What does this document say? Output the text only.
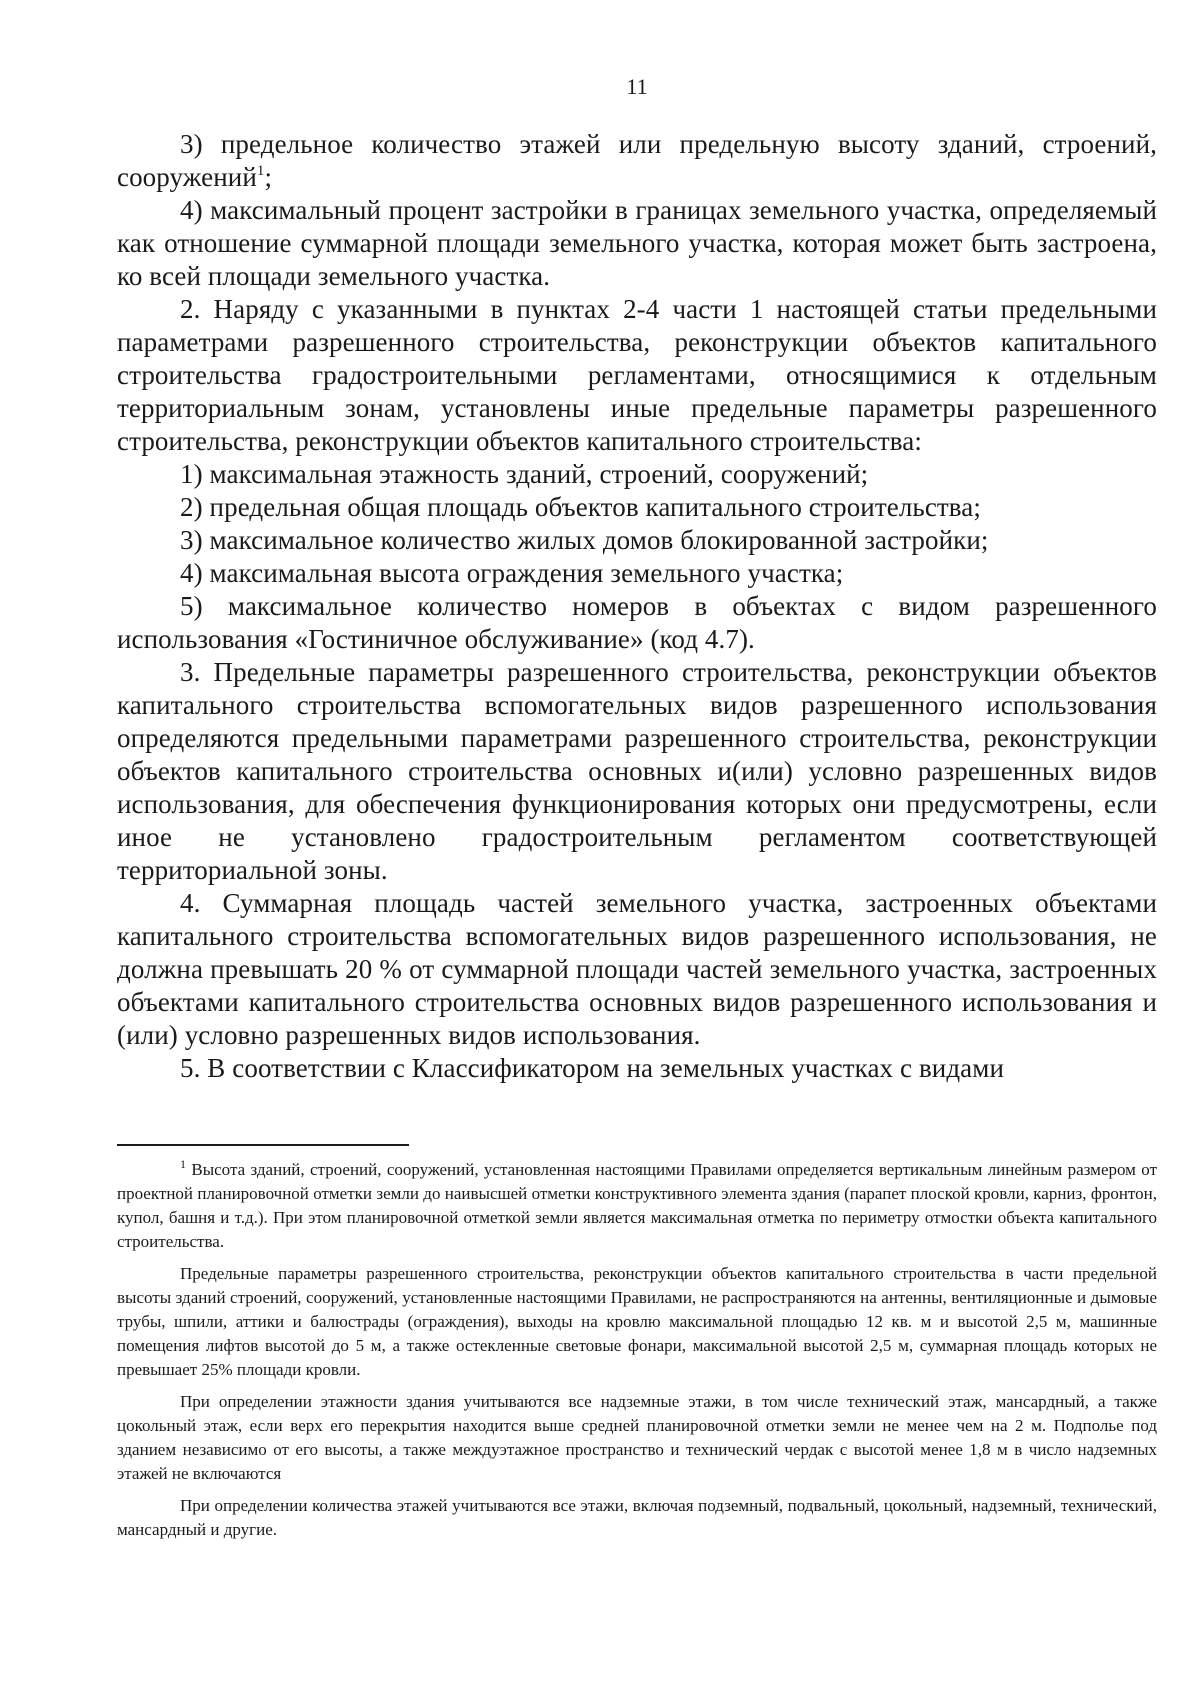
11

3) предельное количество этажей или предельную высоту зданий, строений, сооружений$^1$;

4) максимальный процент застройки в границах земельного участка, определяемый как отношение суммарной площади земельного участка, которая может быть застроена, ко всей площади земельного участка.

2. Наряду с указанными в пунктах 2-4 части 1 настоящей статьи предельными параметрами разрешенного строительства, реконструкции объектов капитального строительства градостроительными регламентами, относящимися к отдельным территориальным зонам, установлены иные предельные параметры разрешенного строительства, реконструкции объектов капитального строительства:

1) максимальная этажность зданий, строений, сооружений;

2) предельная общая площадь объектов капитального строительства;

3) максимальное количество жилых домов блокированной застройки;

4) максимальная высота ограждения земельного участка;

5) максимальное количество номеров в объектах с видом разрешенного использования «Гостиничное обслуживание» (код 4.7).

3. Предельные параметры разрешенного строительства, реконструкции объектов капитального строительства вспомогательных видов разрешенного использования определяются предельными параметрами разрешенного строительства, реконструкции объектов капитального строительства основных и(или) условно разрешенных видов использования, для обеспечения функционирования которых они предусмотрены, если иное не установлено градостроительным регламентом соответствующей территориальной зоны.

4. Суммарная площадь частей земельного участка, застроенных объектами капитального строительства вспомогательных видов разрешенного использования, не должна превышать 20 % от суммарной площади частей земельного участка, застроенных объектами капитального строительства основных видов разрешенного использования и (или) условно разрешенных видов использования.

5. В соответствии с Классификатором на земельных участках с видами

$^1$ Высота зданий, строений, сооружений, установленная настоящими Правилами определяется вертикальным линейным размером от проектной планировочной отметки земли до наивысшей отметки конструктивного элемента здания (парапет плоской кровли, карниз, фронтон, купол, башня и т.д.). При этом планировочной отметкой земли является максимальная отметка по периметру отмостки объекта капитального строительства.

Предельные параметры разрешенного строительства, реконструкции объектов капитального строительства в части предельной высоты зданий строений, сооружений, установленные настоящими Правилами, не распространяются на антенны, вентиляционные и дымовые трубы, шпили, аттики и балюстрады (ограждения), выходы на кровлю максимальной площадью 12 кв. м и высотой 2,5 м, машинные помещения лифтов высотой до 5 м, а также остекленные световые фонари, максимальной высотой 2,5 м, суммарная площадь которых не превышает 25% площади кровли.

При определении этажности здания учитываются все надземные этажи, в том числе технический этаж, мансардный, а также цокольный этаж, если верх его перекрытия находится выше средней планировочной отметки земли не менее чем на 2 м. Подполье под зданием независимо от его высоты, а также междуэтажное пространство и технический чердак с высотой менее 1,8 м в число надземных этажей не включаются

При определении количества этажей учитываются все этажи, включая подземный, подвальный, цокольный, надземный, технический, мансардный и другие.
